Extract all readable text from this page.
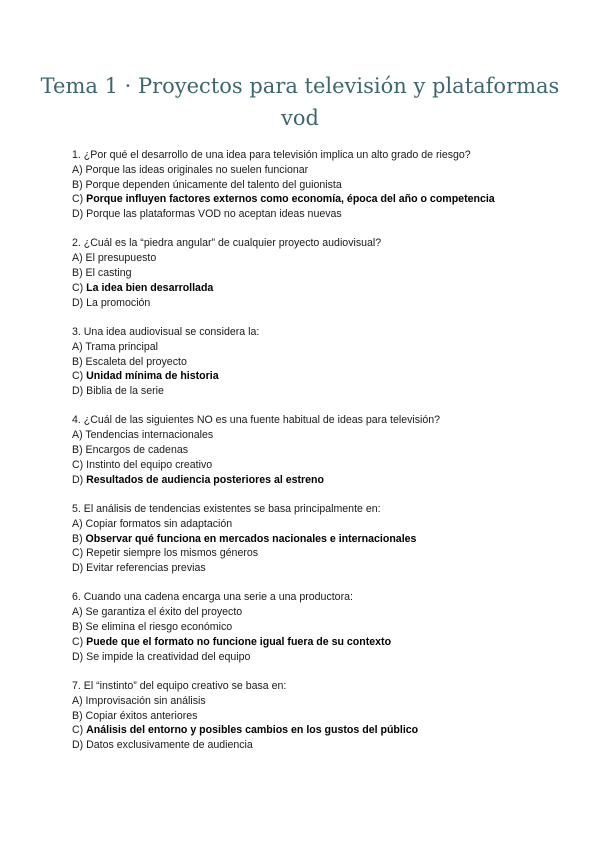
Tema 1 · Proyectos para televisión y plataformas vod
1. ¿Por qué el desarrollo de una idea para televisión implica un alto grado de riesgo?
A) Porque las ideas originales no suelen funcionar
B) Porque dependen únicamente del talento del guionista
C) Porque influyen factores externos como economía, época del año o competencia
D) Porque las plataformas VOD no aceptan ideas nuevas
2. ¿Cuál es la “piedra angular” de cualquier proyecto audiovisual?
A) El presupuesto
B) El casting
C) La idea bien desarrollada
D) La promoción
3. Una idea audiovisual se considera la:
A) Trama principal
B) Escaleta del proyecto
C) Unidad mínima de historia
D) Biblia de la serie
4. ¿Cuál de las siguientes NO es una fuente habitual de ideas para televisión?
A) Tendencias internacionales
B) Encargos de cadenas
C) Instinto del equipo creativo
D) Resultados de audiencia posteriores al estreno
5. El análisis de tendencias existentes se basa principalmente en:
A) Copiar formatos sin adaptación
B) Observar qué funciona en mercados nacionales e internacionales
C) Repetir siempre los mismos géneros
D) Evitar referencias previas
6. Cuando una cadena encarga una serie a una productora:
A) Se garantiza el éxito del proyecto
B) Se elimina el riesgo económico
C) Puede que el formato no funcione igual fuera de su contexto
D) Se impide la creatividad del equipo
7. El “instinto” del equipo creativo se basa en:
A) Improvisación sin análisis
B) Copiar éxitos anteriores
C) Análisis del entorno y posibles cambios en los gustos del público
D) Datos exclusivamente de audiencia
